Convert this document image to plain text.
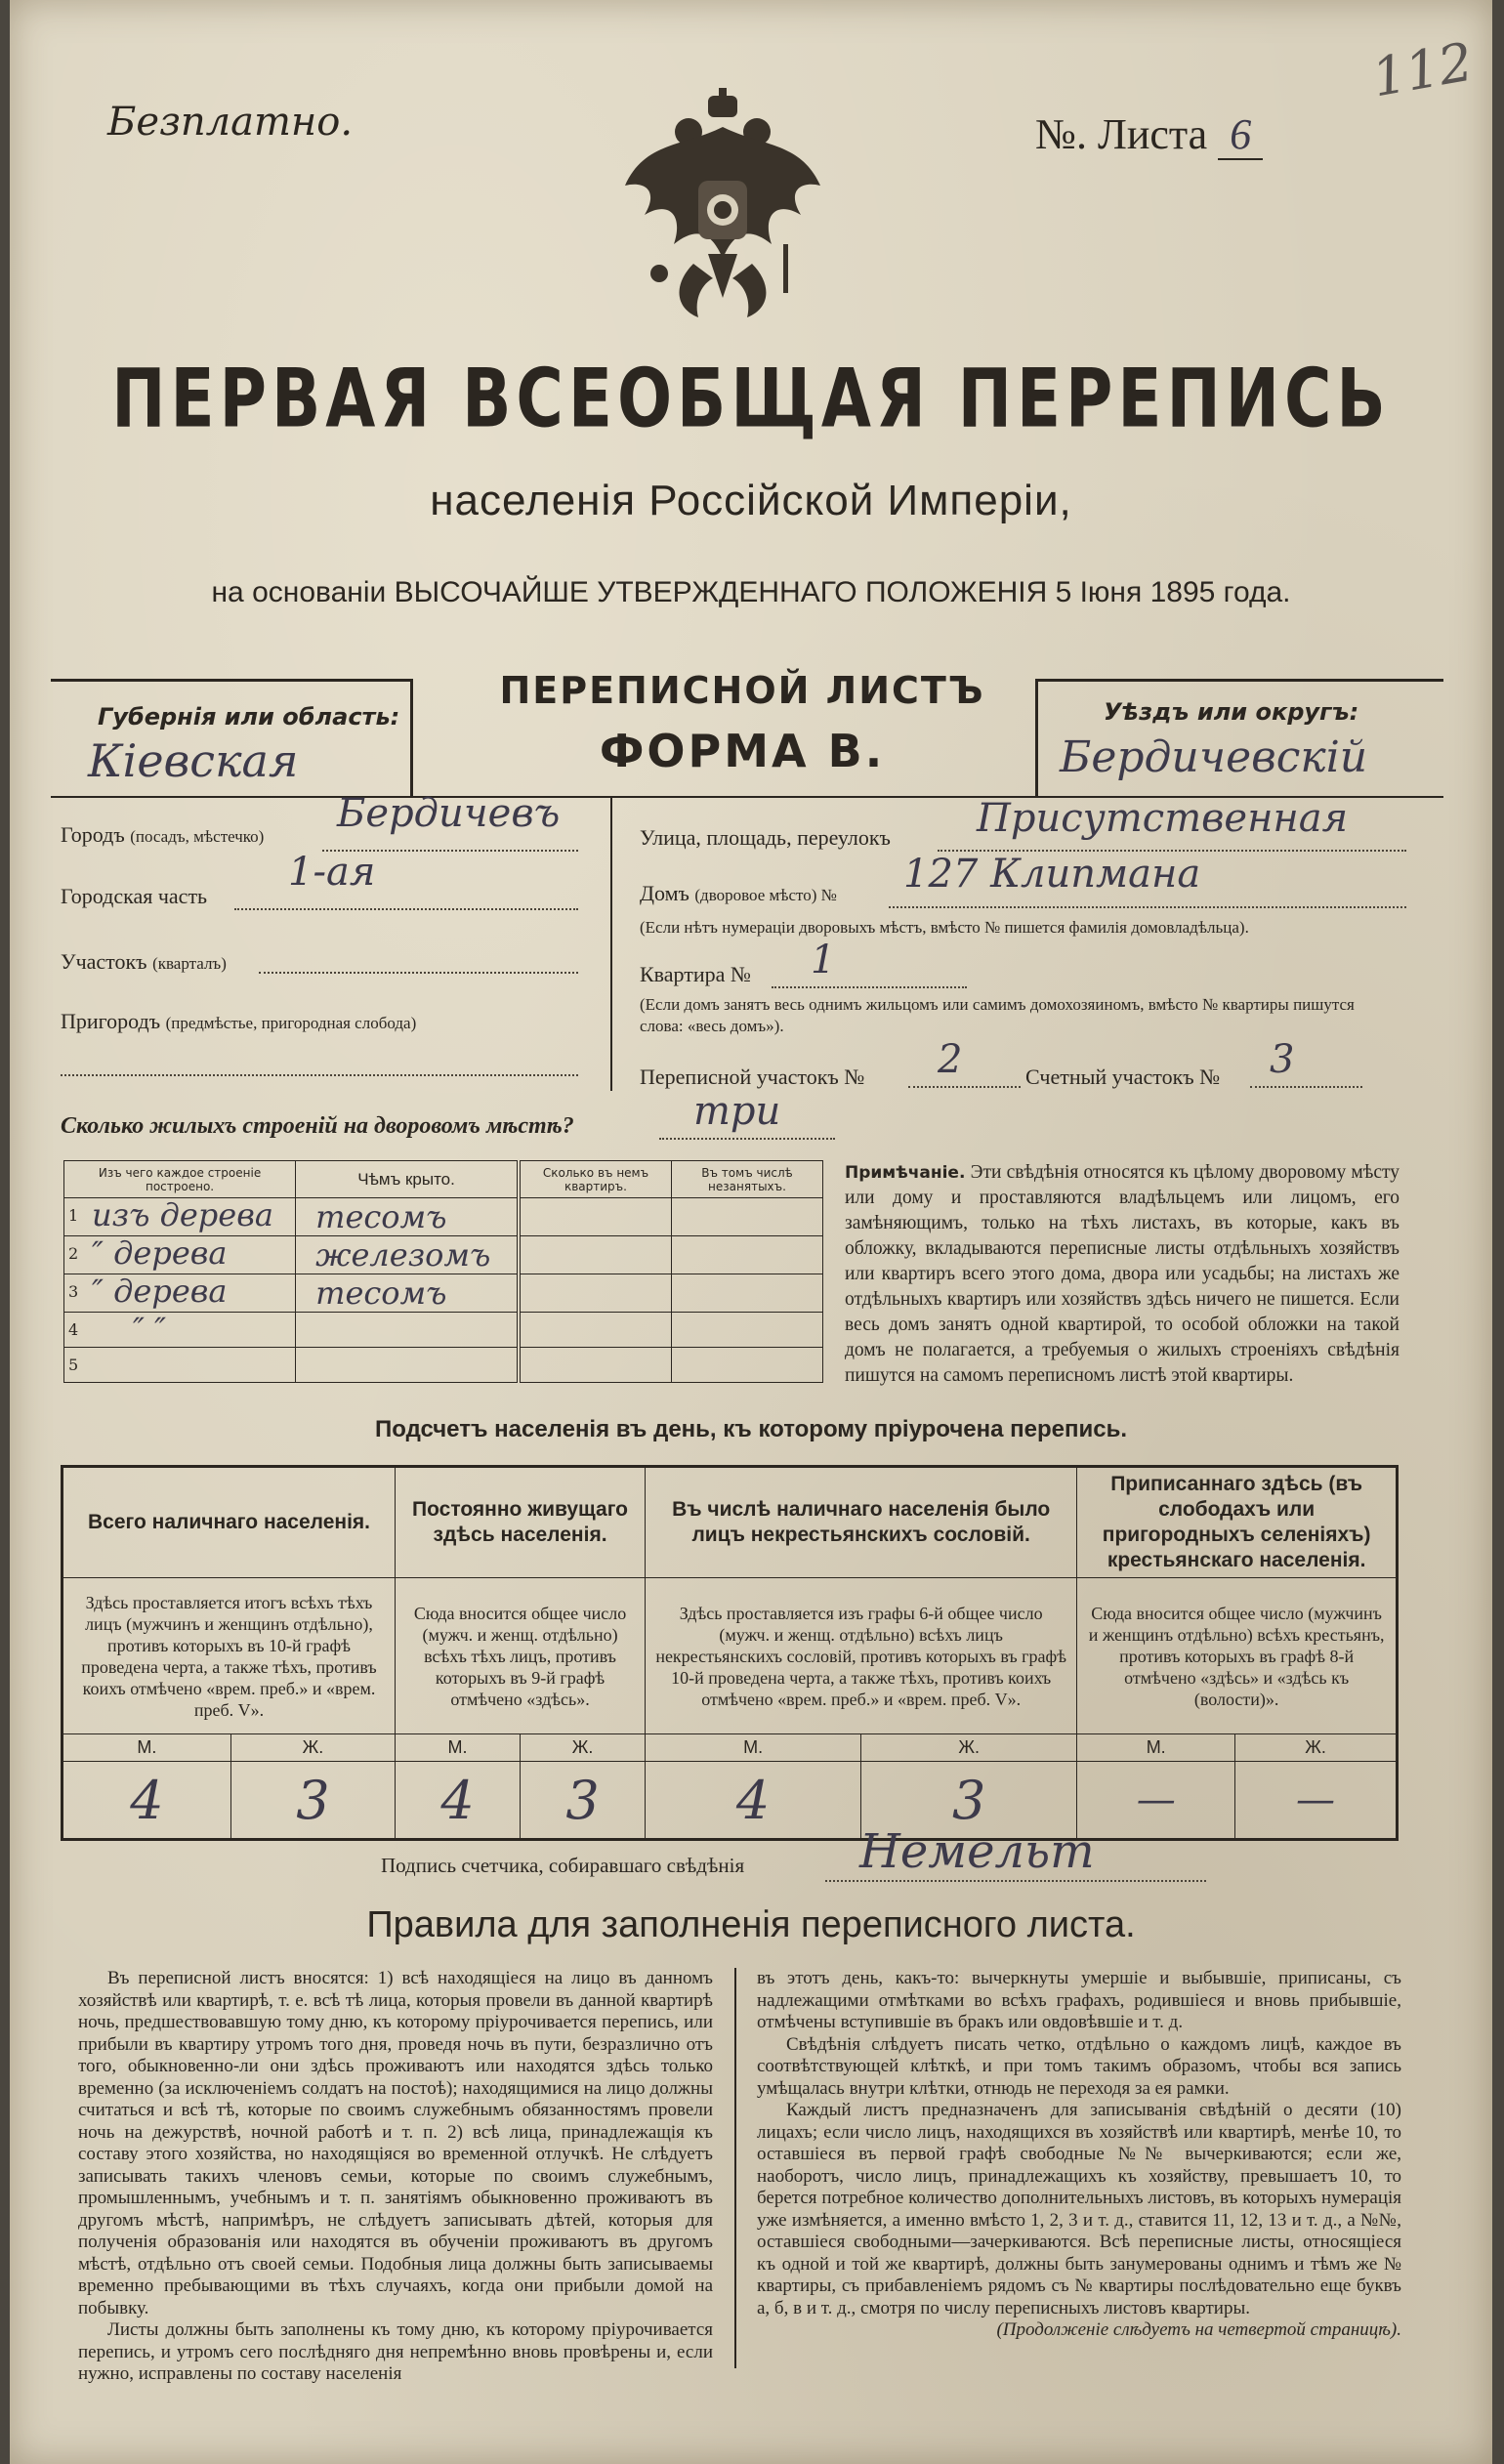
Безплатно.	№. Листа 6
112
ПЕРВАЯ ВСЕОБЩАЯ ПЕРЕПИСЬ
населенія Россійской Имперіи,
на основаніи ВЫСОЧАЙШЕ УТВЕРЖДЕННАГО ПОЛОЖЕНІЯ 5 Іюня 1895 года.
Губернія или область:
Кіевская
ПЕРЕПИСНОЙ ЛИСТЪ
ФОРМА В.
Уѣздъ или округъ:
Бердичевскій
Городъ (посадъ, мѣстечко)
Бердичевъ
Городская часть
1-ая
Участокъ (кварталъ)
Пригородъ (предмѣстье, пригородная слобода)
Улица, площадь, переулокъ Присутственная
Домъ (дворовое мѣсто) № 127 Клипмана
(Если нѣтъ нумераціи дворовыхъ мѣстъ, вмѣсто № пишется фамилія домовладѣльца).
Квартира № 1
(Если домъ занятъ весь однимъ жильцомъ или самимъ домохозяиномъ, вмѣсто № квартиры пишутся слова: «весь домъ»).
Переписной участокъ № 2	Счетный участокъ № 3
Сколько жилыхъ строеній на дворовомъ мѣстѣ?	три
Изъ чего каждое строеніе построено.	Чѣмъ крыто.	Сколько въ немъ квартиръ.	Въ томъ числѣ незанятыхъ.

1 изъ дерева	тесомъ		

2 ″ дерева	железомъ		

3 ″ дерева	тесомъ		

4 ″ ″			

5			

Примѣчаніе. Эти свѣдѣнія относятся къ цѣлому дворовому мѣсту или дому и проставляются владѣльцемъ или лицомъ, его замѣняющимъ, только на тѣхъ листахъ, въ которые, какъ въ обложку, вкладываются переписные листы отдѣльныхъ хозяйствъ или квартиръ всего этого дома, двора или усадьбы; на листахъ же отдѣльныхъ квартиръ или хозяйствъ здѣсь ничего не пишется. Если весь домъ занятъ одной квартирой, то особой обложки на такой домъ не полагается, а требуемыя о жилыхъ строеніяхъ свѣдѣнія пишутся на самомъ переписномъ листѣ этой квартиры.
Подсчетъ населенія въ день, къ которому пріурочена перепись.
Всего наличнаго населенія.		Постоянно живущаго здѣсь населенія.		Въ числѣ наличнаго населенія было лицъ некрестьянскихъ сословій.		Приписаннаго здѣсь (въ слободахъ или пригородныхъ селеніяхъ) крестьянскаго населенія.	
Здѣсь проставляется итогъ всѣхъ тѣхъ лицъ (мужчинъ и женщинъ отдѣльно), противъ которыхъ въ 10-й графѣ проведена черта, а также тѣхъ, противъ коихъ отмѣчено «врем. преб.» и «врем. преб. V».		Сюда вносится общее число (мужч. и женщ. отдѣльно) всѣхъ тѣхъ лицъ, противъ которыхъ въ 9-й графѣ отмѣчено «здѣсь».		Здѣсь проставляется изъ графы 6-й общее число (мужч. и женщ. отдѣльно) всѣхъ лицъ некрестьянскихъ сословій, противъ которыхъ въ графѣ 10-й проведена черта, а также тѣхъ, противъ коихъ отмѣчено «врем. преб.» и «врем. преб. V».		Сюда вносится общее число (мужчинъ и женщинъ отдѣльно) всѣхъ крестьянъ, противъ которыхъ въ графѣ 8-й отмѣчено «здѣсь» и «здѣсь къ (волости)».	
М.	Ж.	М.	Ж.	М.	Ж.	М.	Ж.
4	3	4	3	4	3	—	—
Подпись счетчика, собиравшаго свѣдѣнія Немельт
Правила для заполненія переписного листа.
Въ переписной листъ вносятся: 1) всѣ находящіеся на лицо въ данномъ хозяйствѣ или квартирѣ, т. е. всѣ тѣ лица, которыя провели въ данной квартирѣ ночь, предшествовавшую тому дню, къ которому пріурочивается перепись, или прибыли въ квартиру утромъ того дня, проведя ночь въ пути, безразлично отъ того, обыкновенно-ли они здѣсь проживаютъ или находятся здѣсь только временно (за исключеніемъ солдатъ на постоѣ); находящимися на лицо должны считаться и всѣ тѣ, которые по своимъ служебнымъ обязанностямъ провели ночь на дежурствѣ, ночной работѣ и т. п. 2) всѣ лица, принадлежащія къ составу этого хозяйства, но находящіяся во временной отлучкѣ. Не слѣдуетъ записывать такихъ членовъ семьи, которые по своимъ служебнымъ, промышленнымъ, учебнымъ и т. п. занятіямъ обыкновенно проживаютъ въ другомъ мѣстѣ, напримѣръ, не слѣдуетъ записывать дѣтей, которыя для полученія образованія или находятся въ обученіи проживаютъ въ другомъ мѣстѣ, отдѣльно отъ своей семьи. Подобныя лица должны быть записываемы временно пребывающими въ тѣхъ случаяхъ, когда они прибыли домой на побывку.
Листы должны быть заполнены къ тому дню, къ которому пріурочивается перепись, и утромъ сего послѣдняго дня непремѣнно вновь провѣрены и, если нужно, исправлены по составу населенія
въ этотъ день, какъ-то: вычеркнуты умершіе и выбывшіе, приписаны, съ надлежащими отмѣтками во всѣхъ графахъ, родившіеся и вновь прибывшіе, отмѣчены вступившіе въ бракъ или овдовѣвшіе и т. д.
Свѣдѣнія слѣдуетъ писать четко, отдѣльно о каждомъ лицѣ, каждое въ соотвѣтствующей клѣткѣ, и при томъ такимъ образомъ, чтобы вся запись умѣщалась внутри клѣтки, отнюдь не переходя за ея рамки.
Каждый листъ предназначенъ для записыванія свѣдѣній о десяти (10) лицахъ; если число лицъ, находящихся въ хозяйствѣ или квартирѣ, менѣе 10, то оставшіеся въ первой графѣ свободные №№ вычеркиваются; если же, наоборотъ, число лицъ, принадлежащихъ къ хозяйству, превышаетъ 10, то берется потребное количество дополнительныхъ листовъ, въ которыхъ нумерація уже измѣняется, а именно вмѣсто 1, 2, 3 и т. д., ставится 11, 12, 13 и т. д., а №№, оставшіеся свободными—зачеркиваются. Всѣ переписные листы, относящіеся къ одной и той же квартирѣ, должны быть занумерованы однимъ и тѣмъ же № квартиры, съ прибавленіемъ рядомъ съ № квартиры послѣдовательно еще буквъ а, б, в и т. д., смотря по числу переписныхъ листовъ квартиры.
(Продолженіе слѣдуетъ на четвертой страницѣ).
